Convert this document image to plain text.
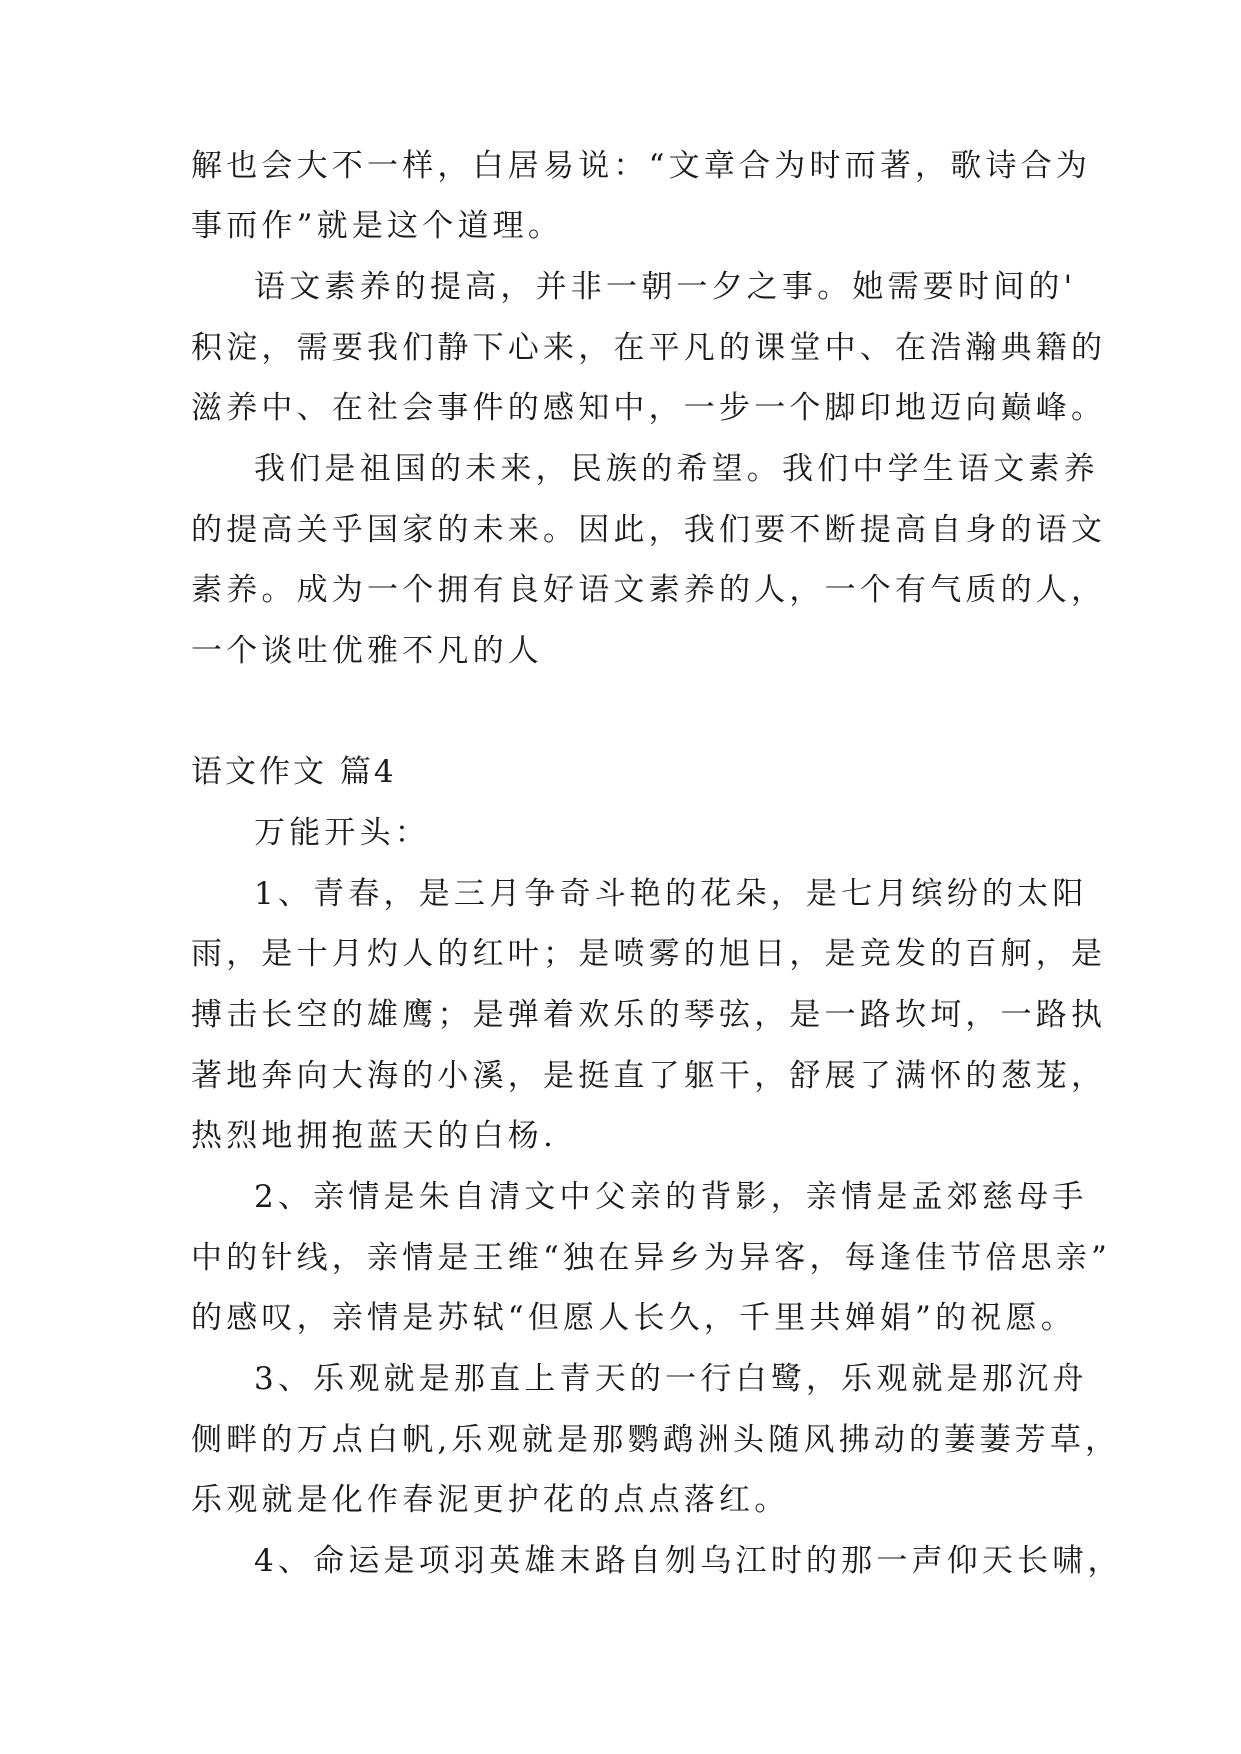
解也会大不一样，白居易说：“文章合为时而著，歌诗合为
事而作”就是这个道理。
语文素养的提高，并非一朝一夕之事。她需要时间的'
积淀，需要我们静下心来，在平凡的课堂中、在浩瀚典籍的
滋养中、在社会事件的感知中，一步一个脚印地迈向巅峰。
我们是祖国的未来，民族的希望。我们中学生语文素养
的提高关乎国家的未来。因此，我们要不断提高自身的语文
素养。成为一个拥有良好语文素养的人，一个有气质的人，
一个谈吐优雅不凡的人
语文作文 篇4
万能开头：
1、青春，是三月争奇斗艳的花朵，是七月缤纷的太阳
雨，是十月灼人的红叶；是喷雾的旭日，是竞发的百舸，是
搏击长空的雄鹰；是弹着欢乐的琴弦，是一路坎坷，一路执
著地奔向大海的小溪，是挺直了躯干，舒展了满怀的葱茏，
热烈地拥抱蓝天的白杨.
2、亲情是朱自清文中父亲的背影，亲情是孟郊慈母手
中的针线，亲情是王维“独在异乡为异客，每逢佳节倍思亲”
的感叹，亲情是苏轼“但愿人长久，千里共婵娟”的祝愿。
3、乐观就是那直上青天的一行白鹭，乐观就是那沉舟
侧畔的万点白帆,乐观就是那鹦鹉洲头随风拂动的萋萋芳草，
乐观就是化作春泥更护花的点点落红。
4、命运是项羽英雄末路自刎乌江时的那一声仰天长啸，
